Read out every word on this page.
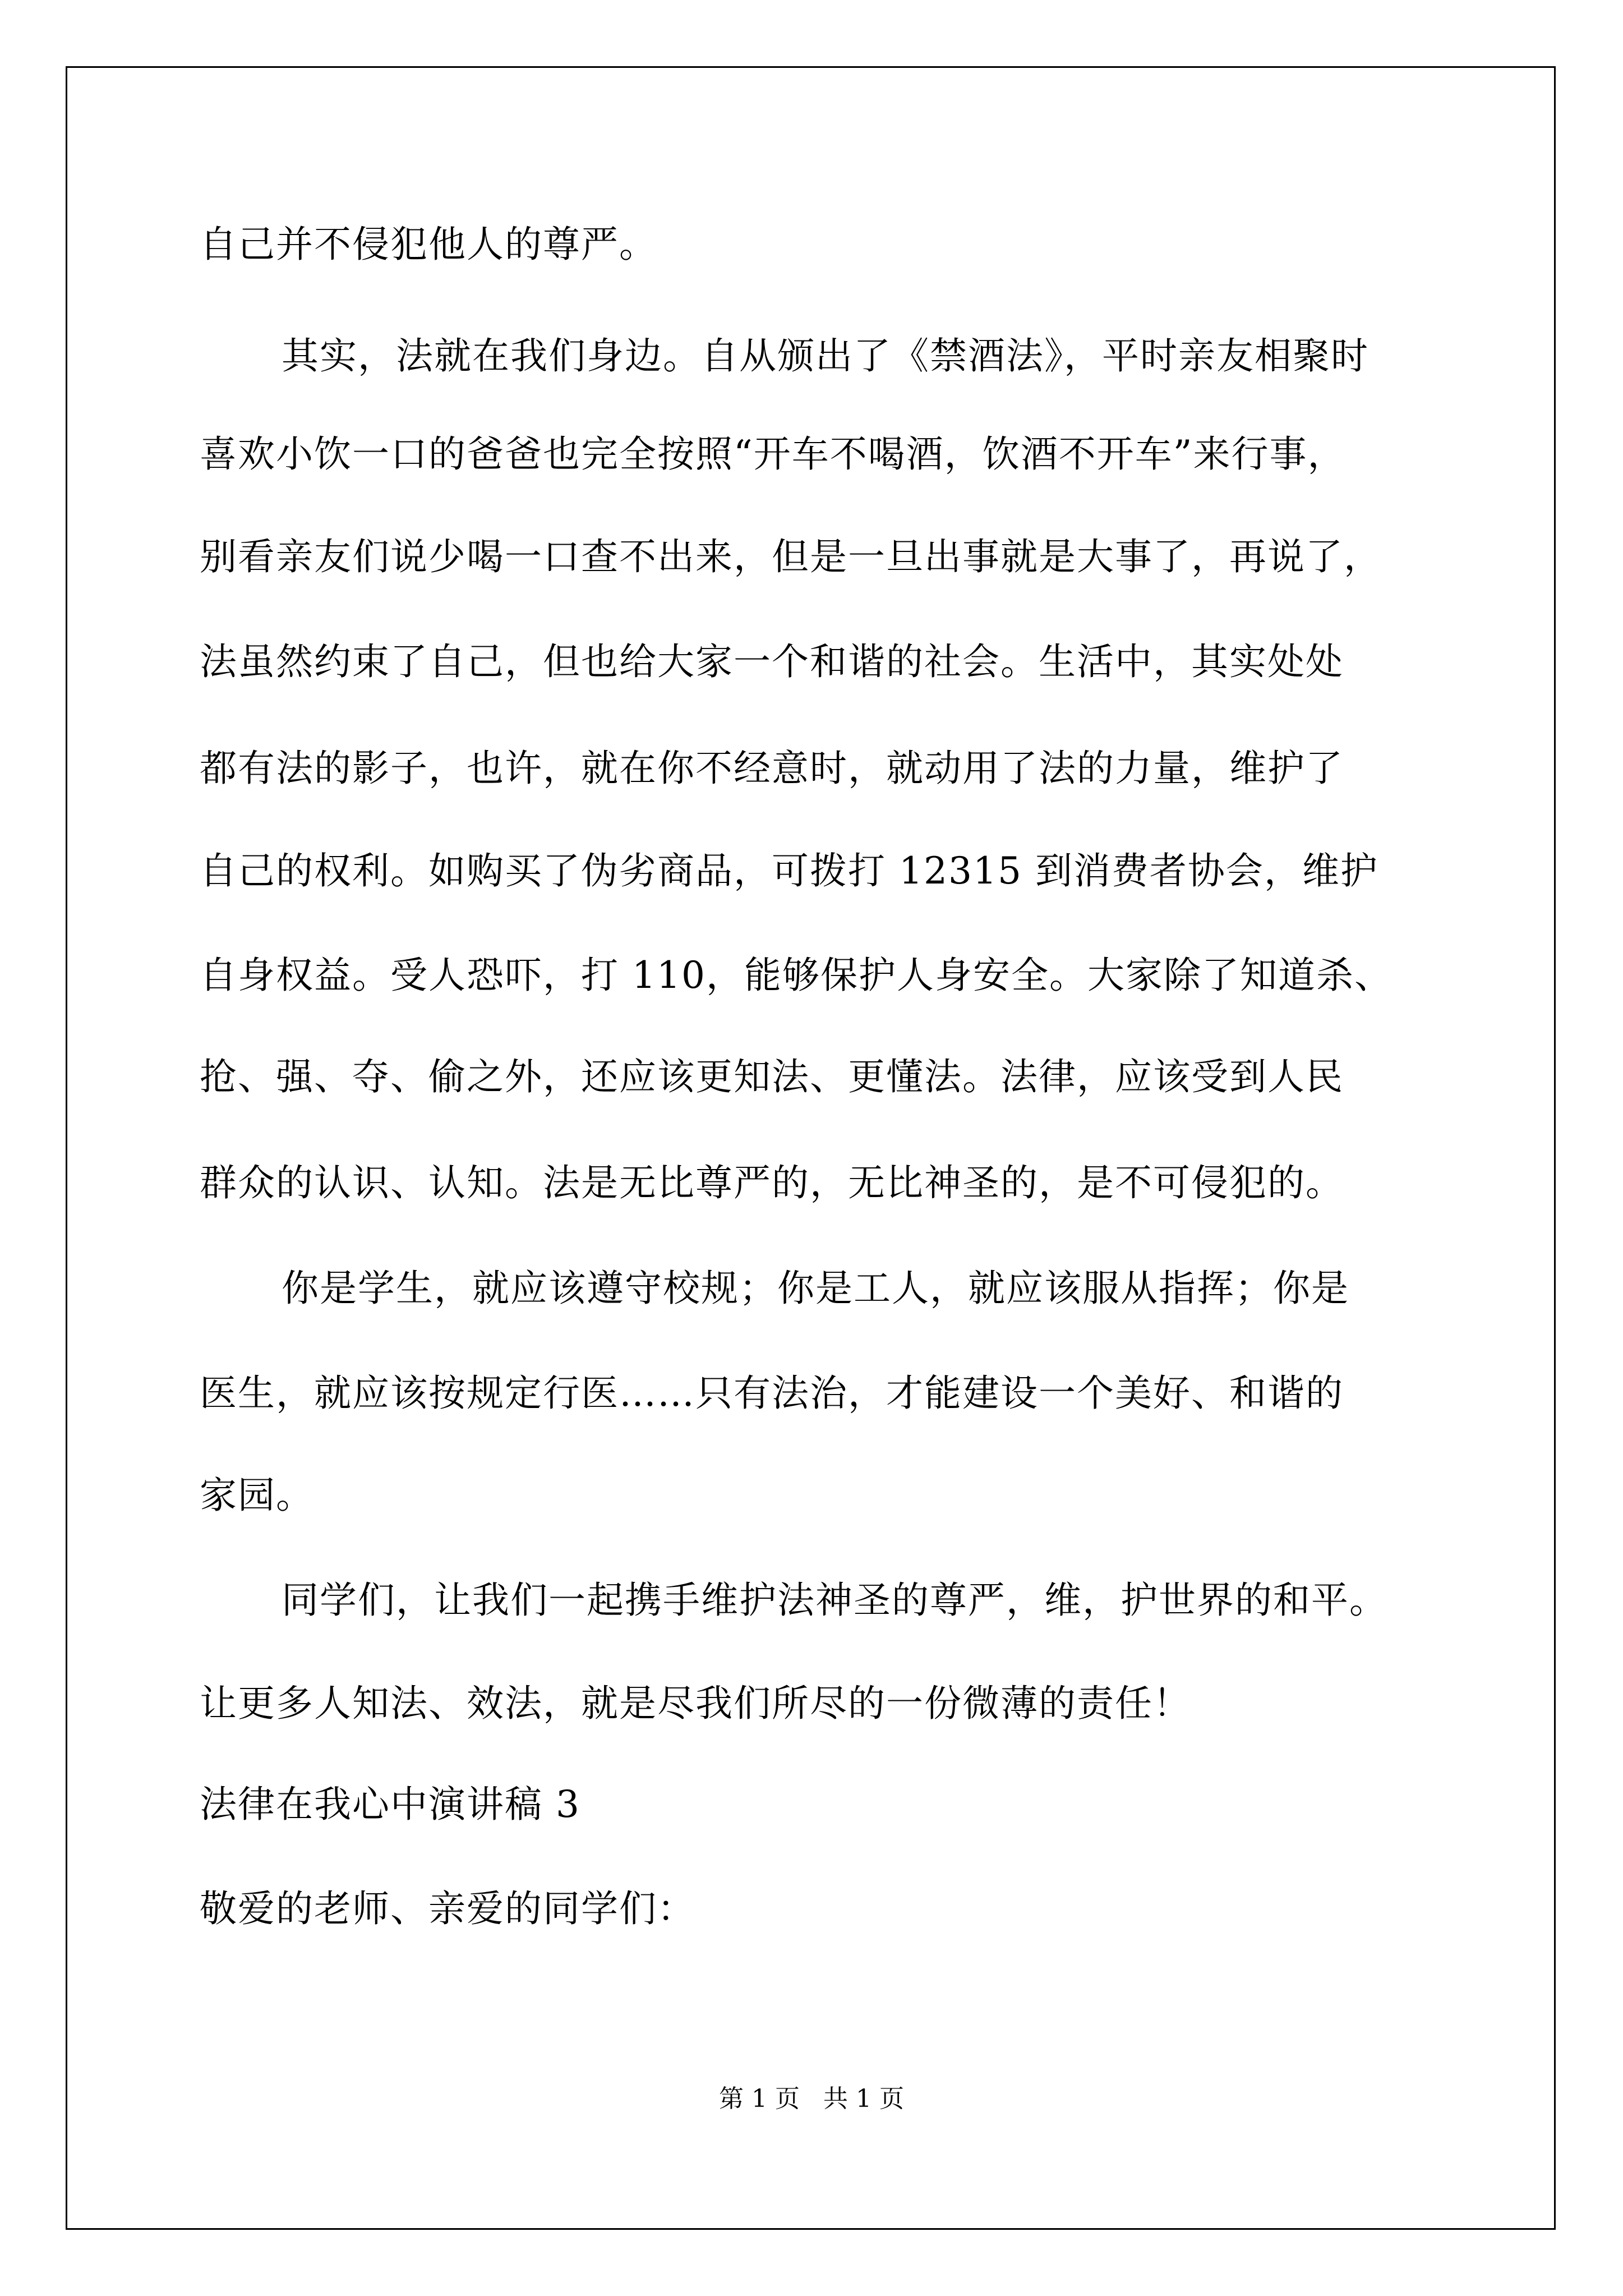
自己并不侵犯他人的尊严。
其实，法就在我们身边。自从颁出了《禁酒法》，平时亲友相聚时
喜欢小饮一口的爸爸也完全按照“开车不喝酒，饮酒不开车”来行事，
别看亲友们说少喝一口查不出来，但是一旦出事就是大事了，再说了，
法虽然约束了自己，但也给大家一个和谐的社会。生活中，其实处处
都有法的影子，也许，就在你不经意时，就动用了法的力量，维护了
自己的权利。如购买了伪劣商品，可拨打 12315 到消费者协会，维护
自身权益。受人恐吓，打 110，能够保护人身安全。大家除了知道杀、
抢、强、夺、偷之外，还应该更知法、更懂法。法律，应该受到人民
群众的认识、认知。法是无比尊严的，无比神圣的，是不可侵犯的。
你是学生，就应该遵守校规；你是工人，就应该服从指挥；你是
医生，就应该按规定行医……只有法治，才能建设一个美好、和谐的
家园。
同学们，让我们一起携手维护法神圣的尊严，维，护世界的和平。
让更多人知法、效法，就是尽我们所尽的一份微薄的责任！
法律在我心中演讲稿 3
敬爱的老师、亲爱的同学们：
第 1 页   共 1 页
